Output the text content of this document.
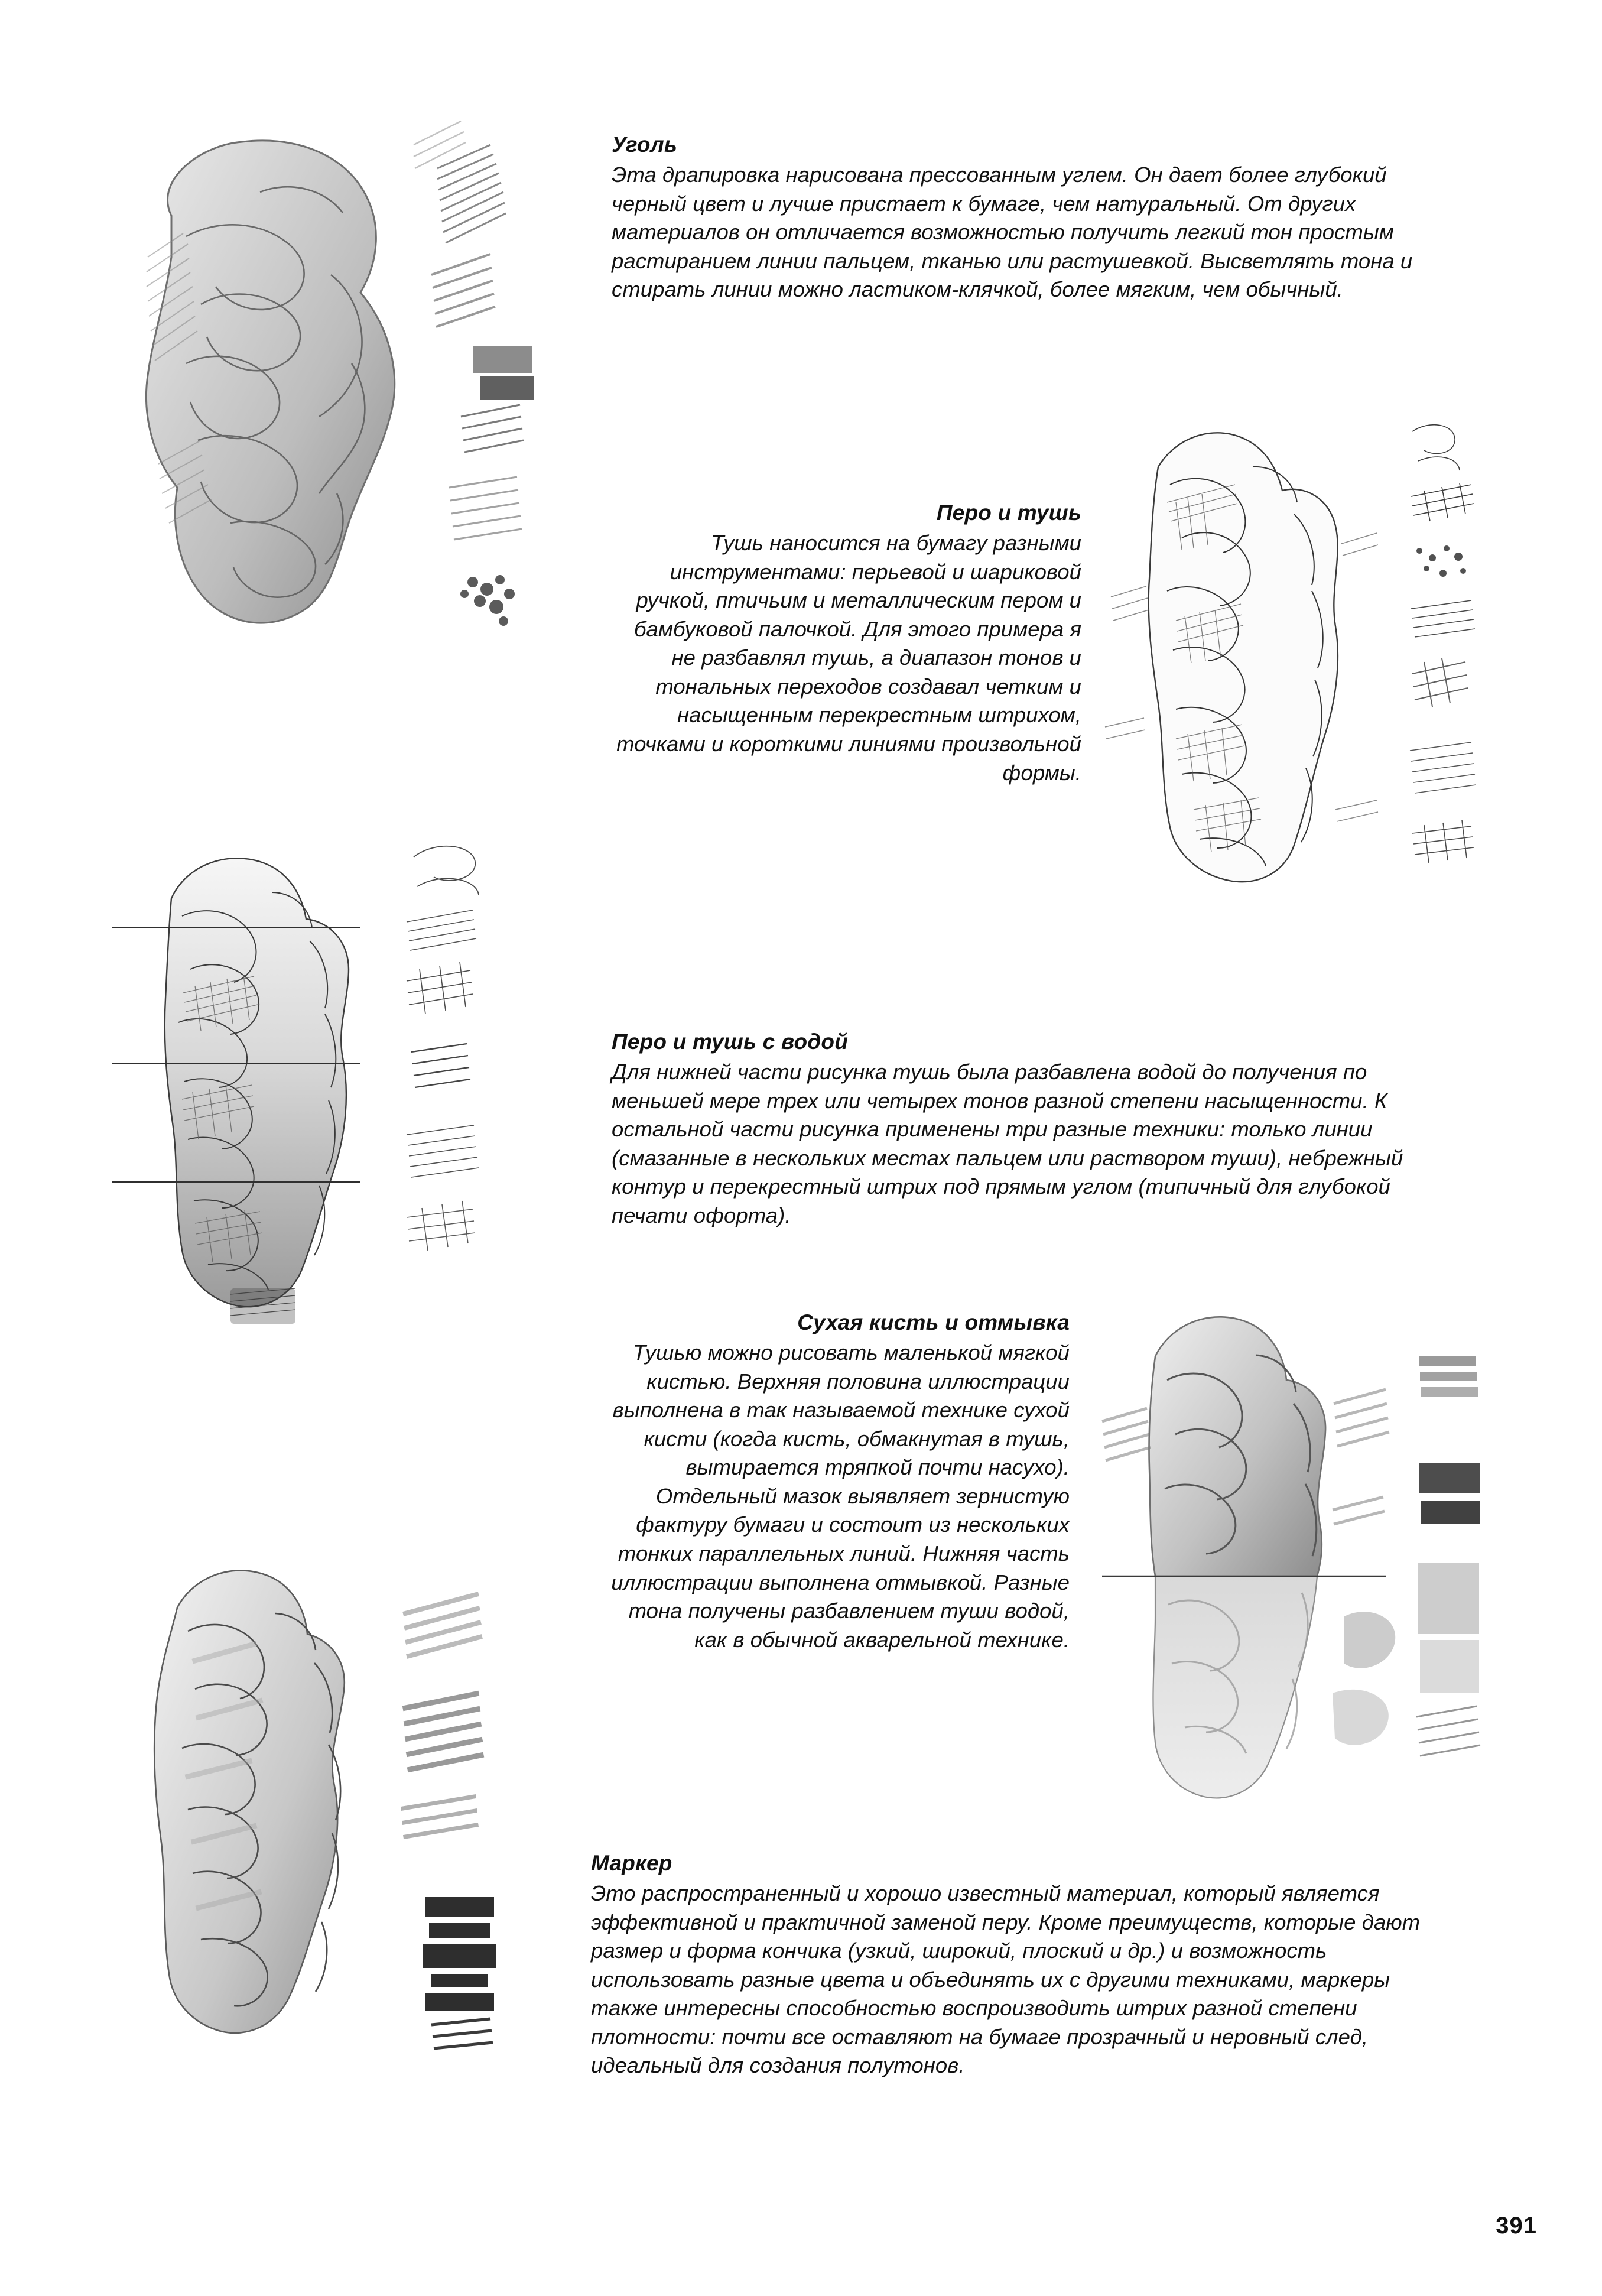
Уголь

Эта драпировка нарисована прессованным углем. Он дает более глубокий черный цвет и лучше пристает к бумаге, чем натуральный. От других материалов он отличается возможностью получить легкий тон простым растиранием линии пальцем, тканью или растушевкой. Высветлять тона и стирать линии можно ластиком-клячкой, более мягким, чем обычный.

Перо и тушь

Тушь наносится на бумагу разными инструментами: перьевой и шариковой ручкой, птичьим и металлическим пером и бамбуковой палочкой. Для этого примера я не разбавлял тушь, а диапазон тонов и тональных переходов создавал четким и насыщенным перекрестным штрихом, точками и короткими линиями произвольной формы.

Перо и тушь с водой

Для нижней части рисунка тушь была разбавлена водой до получения по меньшей мере трех или четырех тонов разной степени насыщенности. К остальной части рисунка применены три разные техники: только линии (смазанные в нескольких местах пальцем или раствором туши), небрежный контур и перекрестный штрих под прямым углом (типичный для глубокой печати офорта).

Сухая кисть и отмывка

Тушью можно рисовать маленькой мягкой кистью. Верхняя половина иллюстрации выполнена в так называемой технике сухой кисти (когда кисть, обмакнутая в тушь, вытирается тряпкой почти насухо). Отдельный мазок выявляет зернистую фактуру бумаги и состоит из нескольких тонких параллельных линий. Нижняя часть иллюстрации выполнена отмывкой. Разные тона получены разбавлением туши водой, как в обычной акварельной технике.

Маркер

Это распространенный и хорошо известный материал, который является эффективной и практичной заменой перу. Кроме преимуществ, которые дают размер и форма кончика (узкий, широкий, плоский и др.) и возможность использовать разные цвета и объединять их с другими техниками, маркеры также интересны способностью воспроизводить штрих разной степени плотности: почти все оставляют на бумаге прозрачный и неровный след, идеальный для создания полутонов.

391
